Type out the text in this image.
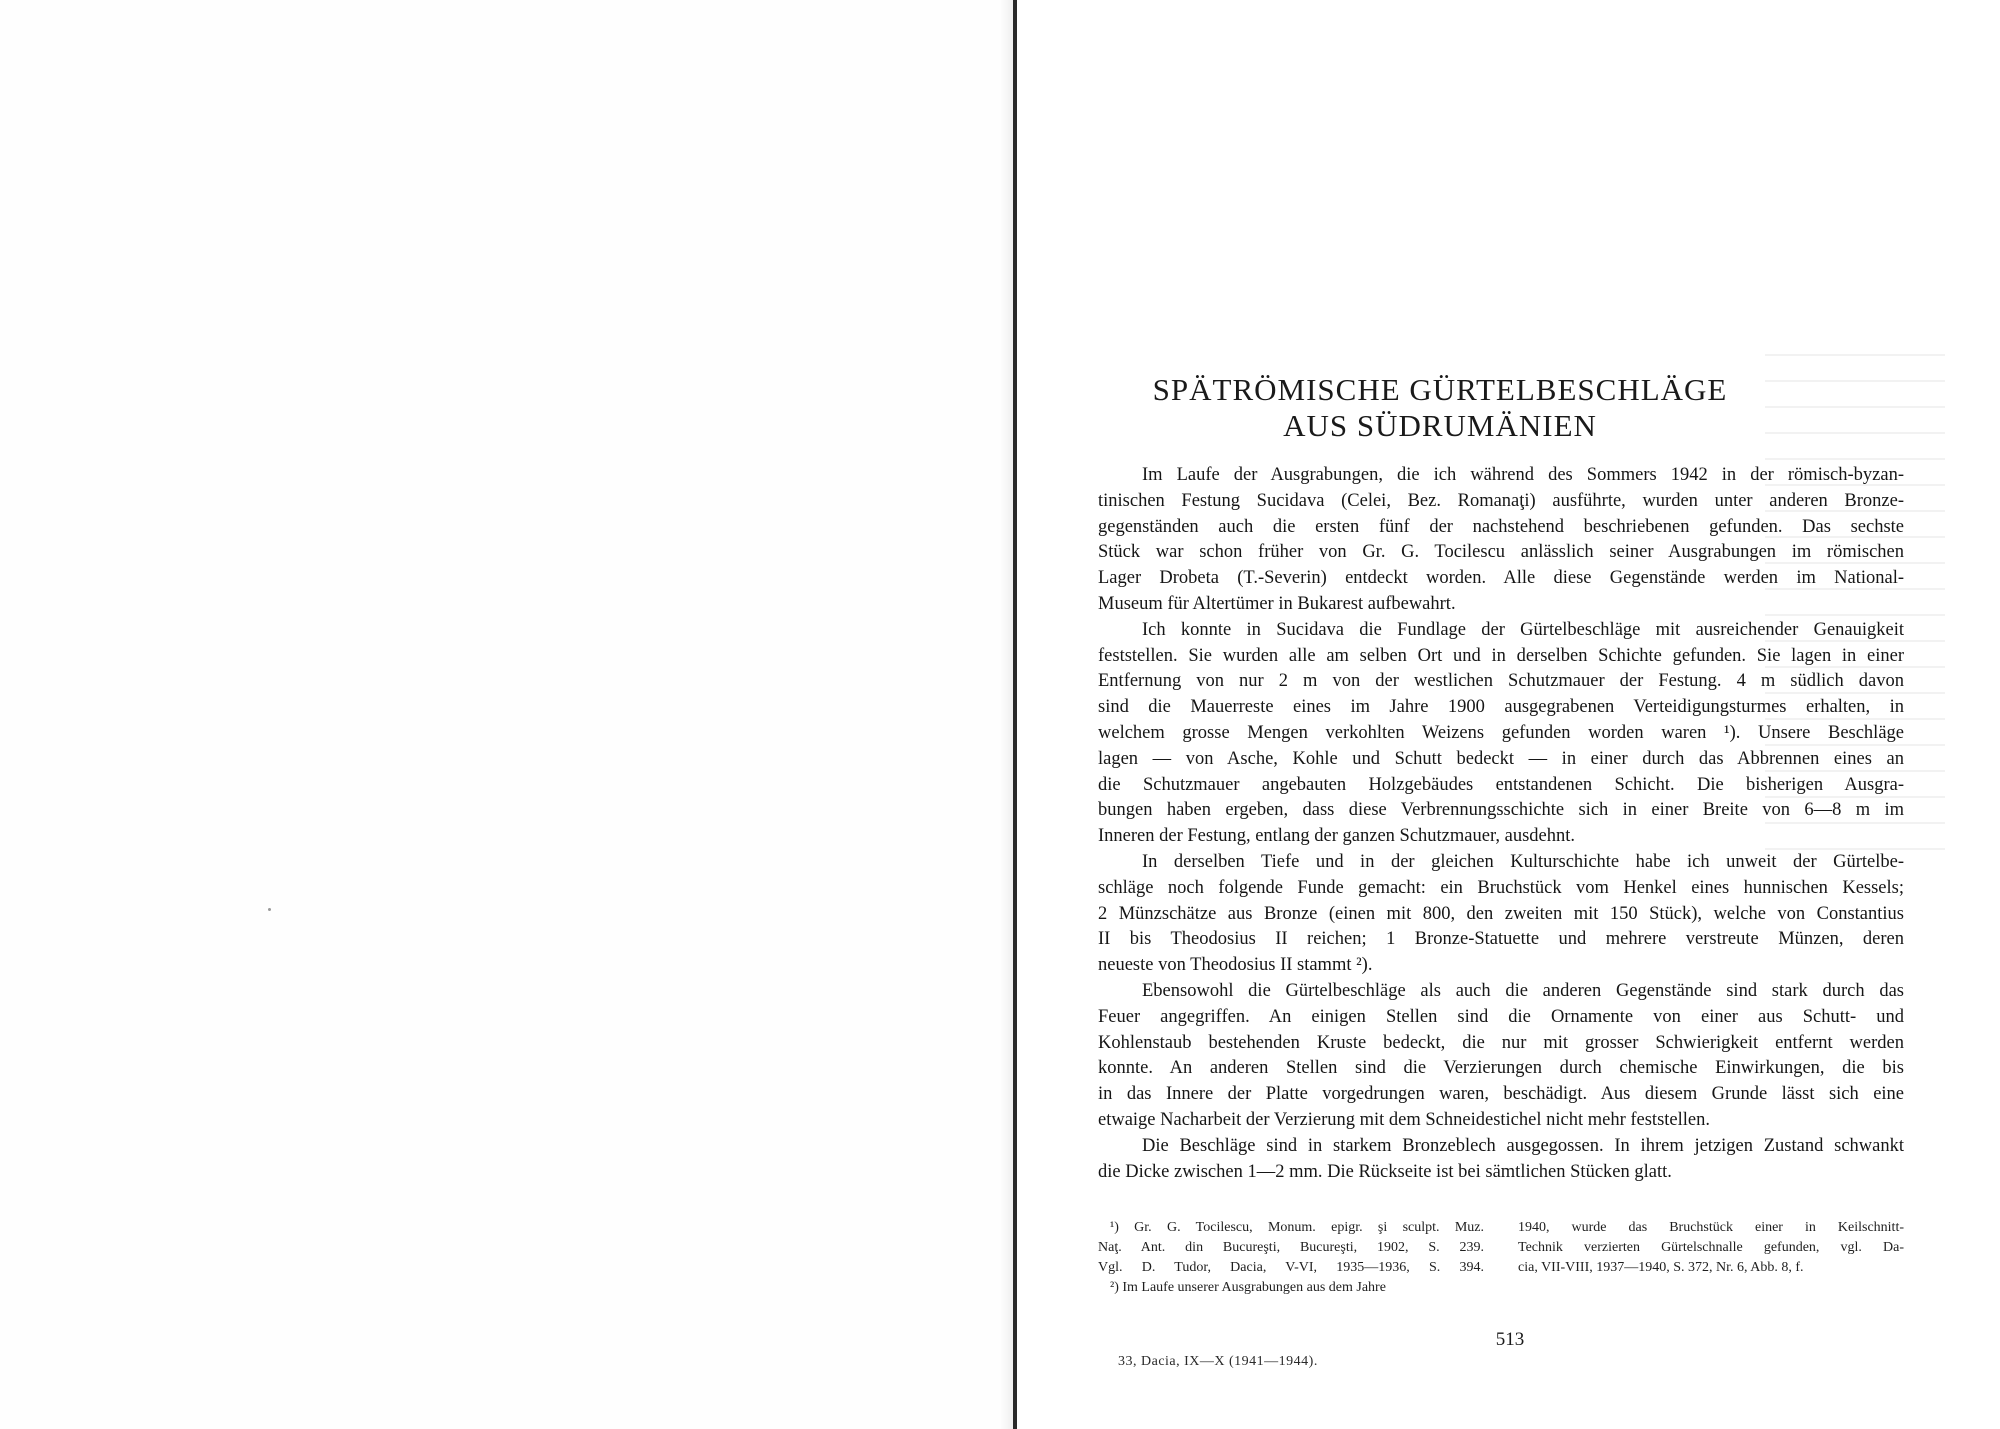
SPÄTRÖMISCHE GÜRTELBESCHLÄGE
AUS SÜDRUMÄNIEN
Im Laufe der Ausgrabungen, die ich während des Sommers 1942 in der römisch-byzan-
tinischen Festung Sucidava (Celei, Bez. Romanaţi) ausführte, wurden unter anderen Bronze-
gegenständen auch die ersten fünf der nachstehend beschriebenen gefunden. Das sechste
Stück war schon früher von Gr. G. Tocilescu anlässlich seiner Ausgrabungen im römischen
Lager Drobeta (T.-Severin) entdeckt worden. Alle diese Gegenstände werden im National-
Museum für Altertümer in Bukarest aufbewahrt.
Ich konnte in Sucidava die Fundlage der Gürtelbeschläge mit ausreichender Genauigkeit
feststellen. Sie wurden alle am selben Ort und in derselben Schichte gefunden. Sie lagen in einer
Entfernung von nur 2 m von der westlichen Schutzmauer der Festung. 4 m südlich davon
sind die Mauerreste eines im Jahre 1900 ausgegrabenen Verteidigungsturmes erhalten, in
welchem grosse Mengen verkohlten Weizens gefunden worden waren ¹). Unsere Beschläge
lagen — von Asche, Kohle und Schutt bedeckt — in einer durch das Abbrennen eines an
die Schutzmauer angebauten Holzgebäudes entstandenen Schicht. Die bisherigen Ausgra-
bungen haben ergeben, dass diese Verbrennungsschichte sich in einer Breite von 6—8 m im
Inneren der Festung, entlang der ganzen Schutzmauer, ausdehnt.
In derselben Tiefe und in der gleichen Kulturschichte habe ich unweit der Gürtelbe-
schläge noch folgende Funde gemacht: ein Bruchstück vom Henkel eines hunnischen Kessels;
2 Münzschätze aus Bronze (einen mit 800, den zweiten mit 150 Stück), welche von Constantius
II bis Theodosius II reichen; 1 Bronze-Statuette und mehrere verstreute Münzen, deren
neueste von Theodosius II stammt ²).
Ebensowohl die Gürtelbeschläge als auch die anderen Gegenstände sind stark durch das
Feuer angegriffen. An einigen Stellen sind die Ornamente von einer aus Schutt- und
Kohlenstaub bestehenden Kruste bedeckt, die nur mit grosser Schwierigkeit entfernt werden
konnte. An anderen Stellen sind die Verzierungen durch chemische Einwirkungen, die bis
in das Innere der Platte vorgedrungen waren, beschädigt. Aus diesem Grunde lässt sich eine
etwaige Nacharbeit der Verzierung mit dem Schneidestichel nicht mehr feststellen.
Die Beschläge sind in starkem Bronzeblech ausgegossen. In ihrem jetzigen Zustand schwankt
die Dicke zwischen 1—2 mm. Die Rückseite ist bei sämtlichen Stücken glatt.
¹) Gr. G. Tocilescu, Monum. epigr. şi sculpt. Muz.
Naţ. Ant. din Bucureşti, Bucureşti, 1902, S. 239.
Vgl. D. Tudor, Dacia, V-VI, 1935—1936, S. 394.
²) Im Laufe unserer Ausgrabungen aus dem Jahre
1940, wurde das Bruchstück einer in Keilschnitt-
Technik verzierten Gürtelschnalle gefunden, vgl. Da-
cia, VII-VIII, 1937—1940, S. 372, Nr. 6, Abb. 8, f.
513
33, Dacia, IX—X (1941—1944).
